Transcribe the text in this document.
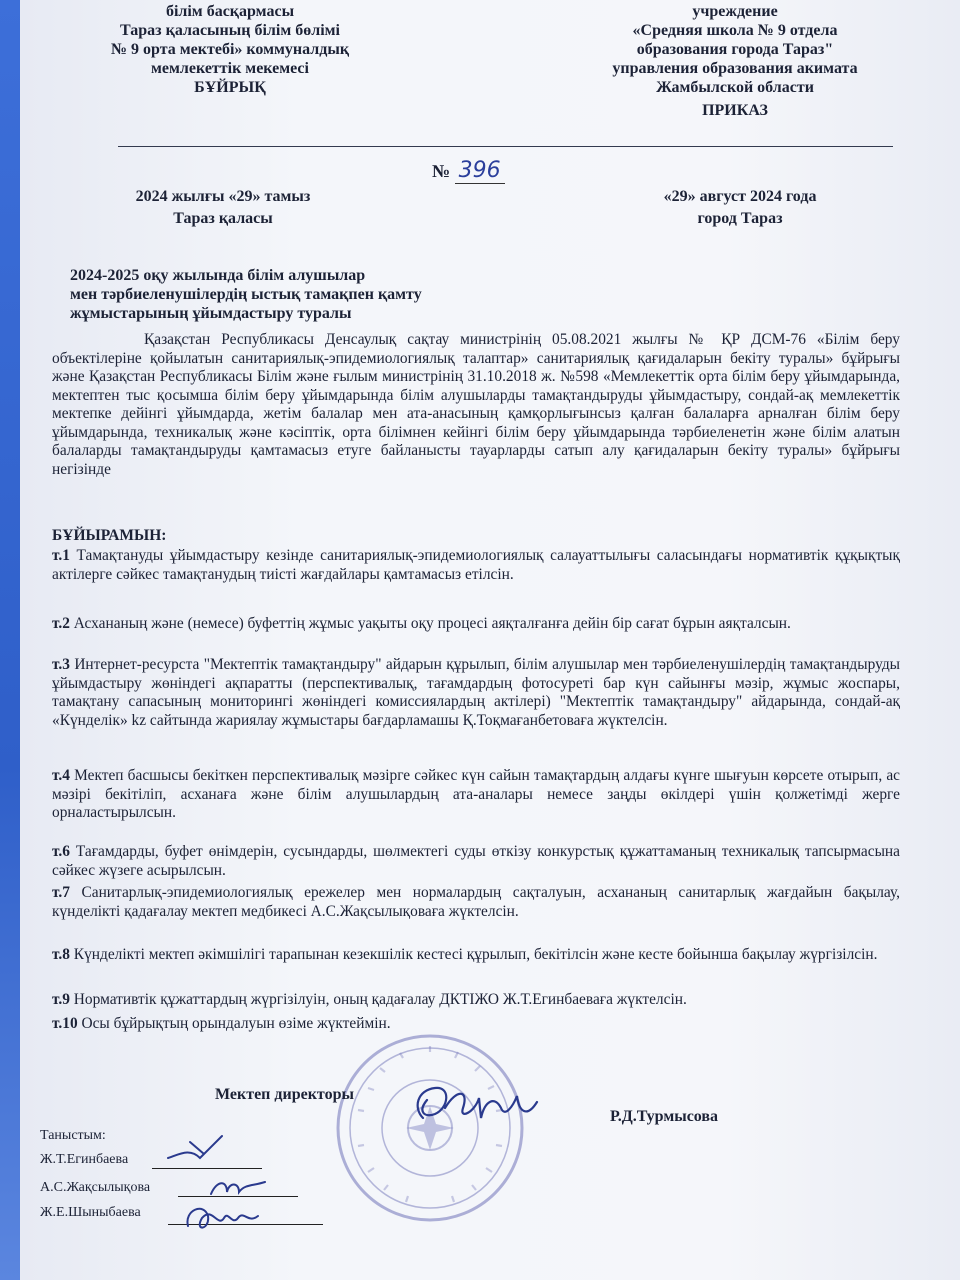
білім басқармасы
Тараз қаласының білім бөлімі
№ 9 орта мектебі» коммуналдық
мемлекеттік мекемесі
БҰЙРЫҚ
учреждение
«Средняя школа № 9 отдела
образования города Тараз"
управления образования акимата
Жамбылской области
ПРИКАЗ
№ 396
2024 жылғы «29» тамыз
Тараз қаласы
«29» август 2024 года
город Тараз
2024-2025 оқу жылында білім алушылар
мен тәрбиеленушілердің ыстық тамақпен қамту
жұмыстарының ұйымдастыру туралы

Қазақстан Республикасы Денсаулық сақтау министрінің 05.08.2021 жылғы № ҚР ДСМ-76 «Білім беру объектілеріне қойылатын санитариялық-эпидемиологиялық талаптар» санитариялық қағидаларын бекіту туралы» бұйрығы және Қазақстан Республикасы Білім және ғылым министрінің 31.10.2018 ж. №598 «Мемлекеттік орта білім беру ұйымдарында, мектептен тыс қосымша білім беру ұйымдарында білім алушыларды тамақтандыруды ұйымдастыру, сондай-ақ мемлекеттік мектепке дейінгі ұйымдарда, жетім балалар мен ата-анасының қамқорлығынсыз қалған балаларға арналған білім беру ұйымдарында, техникалық және кәсіптік, орта білімнен кейінгі білім беру ұйымдарында тәрбиеленетін және білім алатын балаларды тамақтандыруды қамтамасыз етуге байланысты тауарларды сатып алу қағидаларын бекіту туралы» бұйрығы негізінде

БҰЙЫРАМЫН:

т.1 Тамақтануды ұйымдастыру кезінде санитариялық-эпидемиологиялық салауаттылығы саласындағы нормативтік құқықтық актілерге сәйкес тамақтанудың тиісті жағдайлары қамтамасыз етілсін.

т.2 Асхананың және (немесе) буфеттің жұмыс уақыты оқу процесі аяқталғанға дейін бір сағат бұрын аяқталсын.

т.3 Интернет-ресурста "Мектептік тамақтандыру" айдарын құрылып, білім алушылар мен тәрбиеленушілердің тамақтандыруды ұйымдастыру жөніндегі ақпаратты (перспективалық, тағамдардың фотосуреті бар күн сайынғы мәзір, жұмыс жоспары, тамақтану сапасының мониторингі жөніндегі комиссиялардың актілері) "Мектептік тамақтандыру" айдарында, сондай-ақ «Күнделік» kz сайтында жариялау жұмыстары бағдарламашы Қ.Тоқмағанбетоваға жүктелсін.

т.4 Мектеп басшысы бекіткен перспективалық мәзірге сәйкес күн сайын тамақтардың алдағы күнге шығуын көрсете отырып, ас мәзірі бекітіліп, асханаға және білім алушылардың ата-аналары немесе заңды өкілдері үшін қолжетімді жерге орналастырылсын.

т.6 Тағамдарды, буфет өнімдерін, сусындарды, шөлмектегі суды өткізу конкурстық құжаттаманың техникалық тапсырмасына сәйкес жүзеге асырылсын.

т.7 Санитарлық-эпидемиологиялық ережелер мен нормалардың сақталуын, асхананың санитарлық жағдайын бақылау, күнделікті қадағалау мектеп медбикесі А.С.Жақсылықоваға жүктелсін.

т.8 Күнделікті мектеп әкімшілігі тарапынан кезекшілік кестесі құрылып, бекітілсін және кесте бойынша бақылау жүргізілсін.

т.9 Нормативтік құжаттардың жүргізілуін, оның қадағалау ДКТІЖО Ж.Т.Егинбаеваға жүктелсін.

т.10 Осы бұйрықтың орындалуын өзіме жүктеймін.

Мектеп директоры
Р.Д.Турмысова
Таныстым:
Ж.Т.Егинбаева
А.С.Жақсылықова
Ж.Е.Шыныбаева
